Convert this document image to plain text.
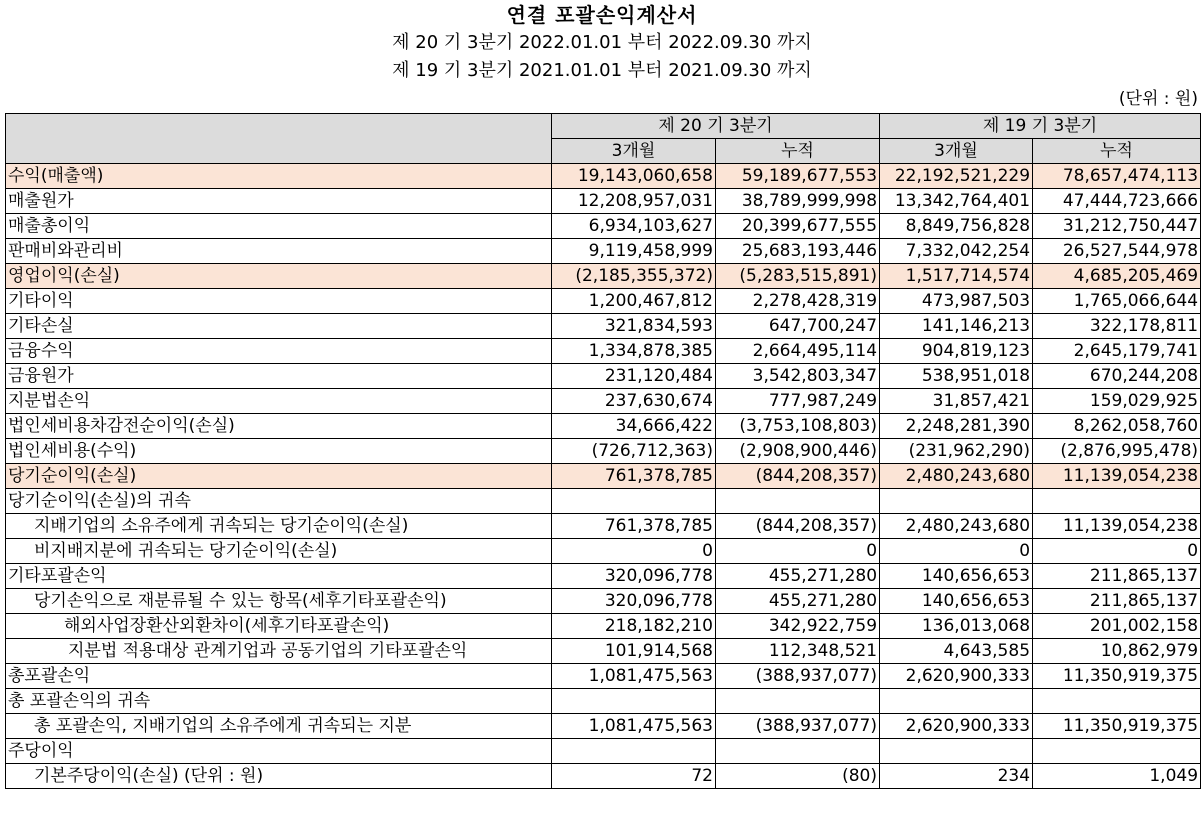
연결 포괄손익계산서
제 20 기 3분기 2022.01.01 부터 2022.09.30 까지
제 19 기 3분기 2021.01.01 부터 2021.09.30 까지
(단위 : 원)
	제 20 기 3분기		제 19 기 3분기	
	3개월	누적	3개월	누적
수익(매출액)	19,143,060,658	59,189,677,553	22,192,521,229	78,657,474,113
매출원가	12,208,957,031	38,789,999,998	13,342,764,401	47,444,723,666
매출총이익	6,934,103,627	20,399,677,555	8,849,756,828	31,212,750,447
판매비와관리비	9,119,458,999	25,683,193,446	7,332,042,254	26,527,544,978
영업이익(손실)	(2,185,355,372)	(5,283,515,891)	1,517,714,574	4,685,205,469
기타이익	1,200,467,812	2,278,428,319	473,987,503	1,765,066,644
기타손실	321,834,593	647,700,247	141,146,213	322,178,811
금융수익	1,334,878,385	2,664,495,114	904,819,123	2,645,179,741
금융원가	231,120,484	3,542,803,347	538,951,018	670,244,208
지분법손익	237,630,674	777,987,249	31,857,421	159,029,925
법인세비용차감전순이익(손실)	34,666,422	(3,753,108,803)	2,248,281,390	8,262,058,760
법인세비용(수익)	(726,712,363)	(2,908,900,446)	(231,962,290)	(2,876,995,478)
당기순이익(손실)	761,378,785	(844,208,357)	2,480,243,680	11,139,054,238
당기순이익(손실)의 귀속				
지배기업의 소유주에게 귀속되는 당기순이익(손실)	761,378,785	(844,208,357)	2,480,243,680	11,139,054,238
비지배지분에 귀속되는 당기순이익(손실)	0	0	0	0
기타포괄손익	320,096,778	455,271,280	140,656,653	211,865,137
당기손익으로 재분류될 수 있는 항목(세후기타포괄손익)	320,096,778	455,271,280	140,656,653	211,865,137
해외사업장환산외환차이(세후기타포괄손익)	218,182,210	342,922,759	136,013,068	201,002,158
지분법 적용대상 관계기업과 공동기업의 기타포괄손익	101,914,568	112,348,521	4,643,585	10,862,979
총포괄손익	1,081,475,563	(388,937,077)	2,620,900,333	11,350,919,375
총 포괄손익의 귀속				
총 포괄손익, 지배기업의 소유주에게 귀속되는 지분	1,081,475,563	(388,937,077)	2,620,900,333	11,350,919,375
주당이익				
기본주당이익(손실) (단위 : 원)	72	(80)	234	1,049
